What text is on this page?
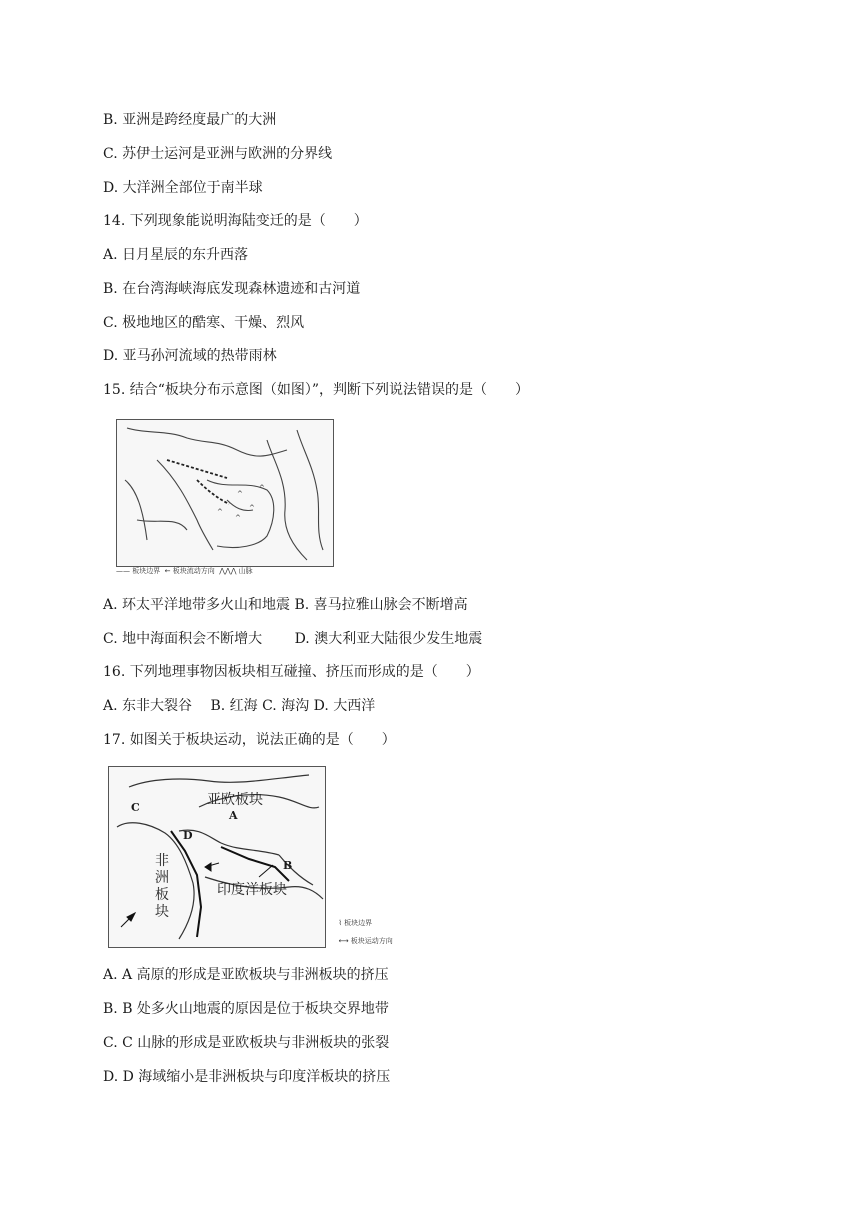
B. 亚洲是跨经度最广的大洲
C. 苏伊士运河是亚洲与欧洲的分界线
D. 大洋洲全部位于南半球
14. 下列现象能说明海陆变迁的是（　　）
A. 日月星辰的东升西落
B. 在台湾海峡海底发现森林遗迹和古河道
C. 极地地区的酷寒、干燥、烈风
D. 亚马孙河流域的热带雨林
15. 结合“板块分布示意图（如图）”，判断下列说法错误的是（　　）
^
^
^
^
^
—— 板块边界  ← 板块流动方向  ⋀⋀⋀ 山脉
A. 环太平洋地带多火山和地震 B. 喜马拉雅山脉会不断增高
C. 地中海面积会不断增大　　 D. 澳大利亚大陆很少发生地震
16. 下列地理事物因板块相互碰撞、挤压而形成的是（　　）
A. 东非大裂谷　 B. 红海 C. 海沟 D. 大西洋
17. 如图关于板块运动，说法正确的是（　　）
亚欧板块
非洲板块
印度洋板块
A
B
C
D

⌇ 板块边界

⟷ 板块运动方向

A. A 高原的形成是亚欧板块与非洲板块的挤压
B. B 处多火山地震的原因是位于板块交界地带
C. C 山脉的形成是亚欧板块与非洲板块的张裂
D. D 海域缩小是非洲板块与印度洋板块的挤压
